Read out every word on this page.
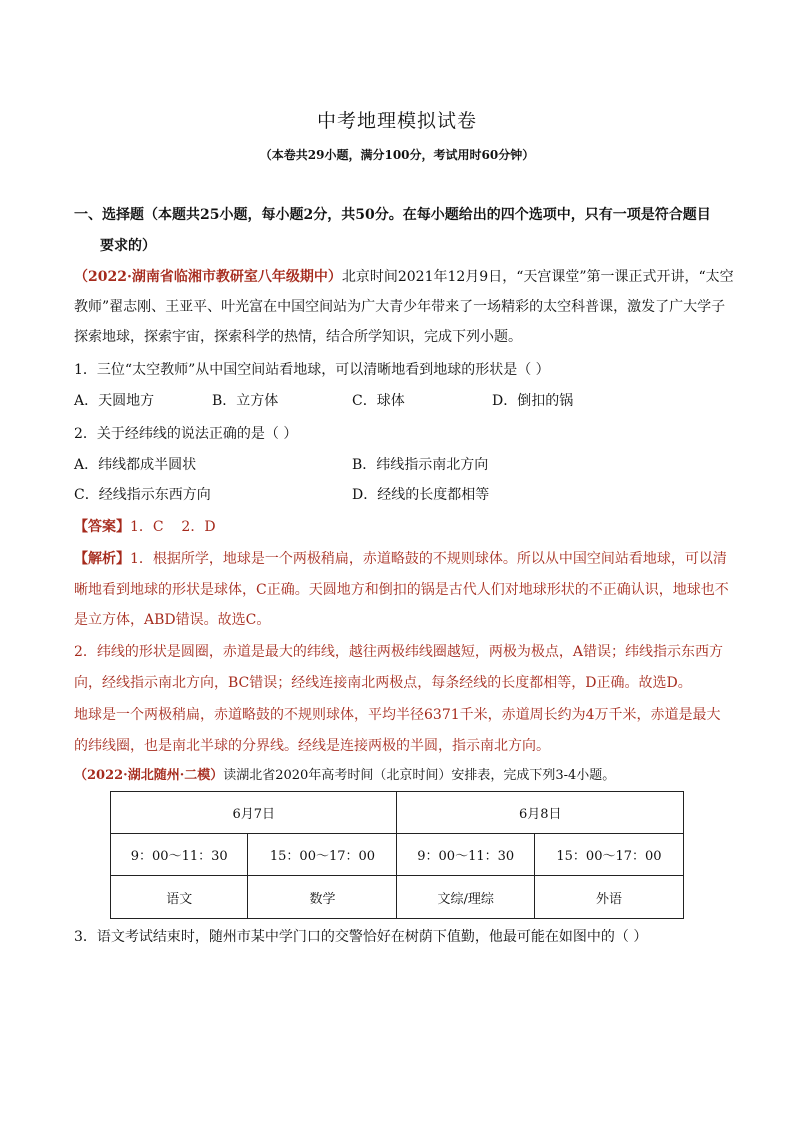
中考地理模拟试卷
（本卷共29小题，满分100分，考试用时60分钟）
一、选择题（本题共25小题，每小题2分，共50分。在每小题给出的四个选项中，只有一项是符合题目
要求的）
（2022·湖南省临湘市教研室八年级期中）北京时间2021年12月9日，“天宫课堂”第一课正式开讲，“太空
教师”翟志刚、王亚平、叶光富在中国空间站为广大青少年带来了一场精彩的太空科普课，激发了广大学子
探索地球，探索宇宙，探索科学的热情，结合所学知识，完成下列小题。
1．三位“太空教师”从中国空间站看地球，可以清晰地看到地球的形状是（ ）
A．天圆地方	B．立方体	C．球体	D．倒扣的锅
2．关于经纬线的说法正确的是（ ）
A．纬线都成半圆状	B．纬线指示南北方向
C．经线指示东西方向	D．经线的长度都相等
【答案】1．C    2．D
【解析】1．根据所学，地球是一个两极稍扁，赤道略鼓的不规则球体。所以从中国空间站看地球，可以清
晰地看到地球的形状是球体，C正确。天圆地方和倒扣的锅是古代人们对地球形状的不正确认识，地球也不
是立方体，ABD错误。故选C。
2．纬线的形状是圆圈，赤道是最大的纬线，越往两极纬线圈越短，两极为极点，A错误；纬线指示东西方
向，经线指示南北方向，BC错误；经线连接南北两极点，每条经线的长度都相等，D正确。故选D。
地球是一个两极稍扁，赤道略鼓的不规则球体，平均半径6371千米，赤道周长约为4万千米，赤道是最大
的纬线圈，也是南北半球的分界线。经线是连接两极的半圆，指示南北方向。
（2022·湖北随州·二模）读湖北省2020年高考时间（北京时间）安排表，完成下列3-4小题。
6月7日		6月8日	
9：00～11：30	15：00～17：00	9：00～11：30	15：00～17：00
语文	数学	文综/理综	外语
3．语文考试结束时，随州市某中学门口的交警恰好在树荫下值勤，他最可能在如图中的（ ）
